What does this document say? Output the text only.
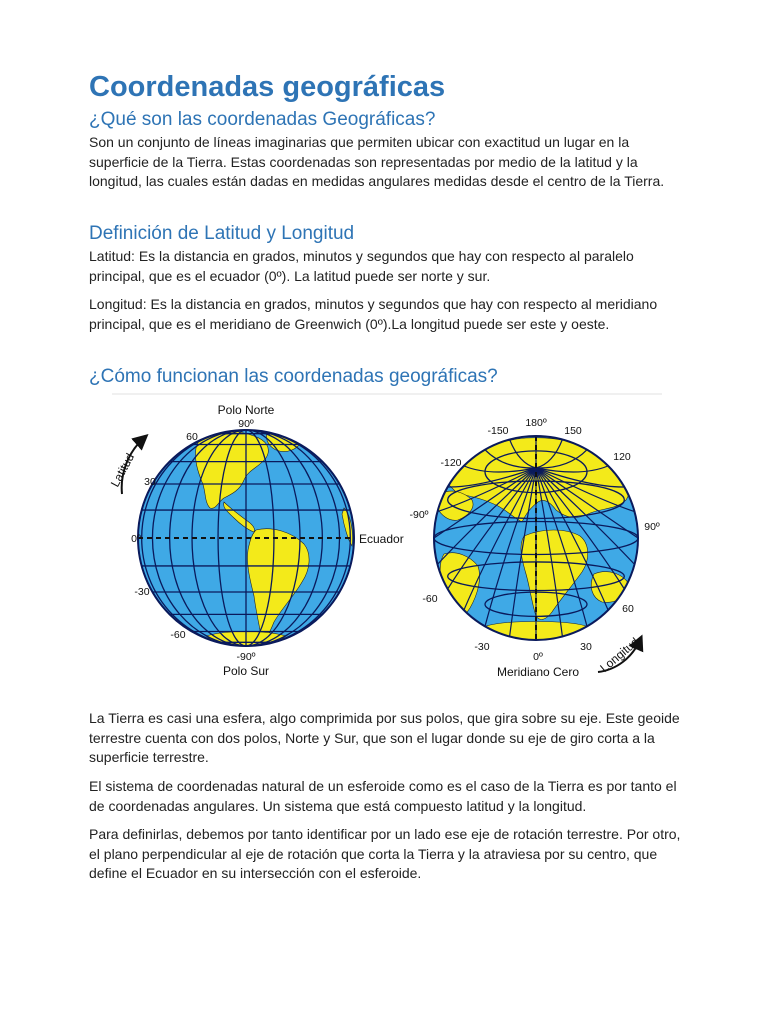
Coordenadas geográficas
¿Qué son las coordenadas Geográficas?

Son un conjunto de líneas imaginarias que permiten ubicar con exactitud un lugar en la superficie de la Tierra. Estas coordenadas son representadas por medio de la latitud y la longitud, las cuales están dadas en medidas angulares medidas desde el centro de la Tierra.

Definición de Latitud y Longitud

Latitud: Es la distancia en grados, minutos y segundos que hay con respecto al paralelo principal, que es el ecuador (0º). La latitud puede ser norte y sur.

Longitud: Es la distancia en grados, minutos y segundos que hay con respecto al meridiano principal, que es el meridiano de Greenwich (0º).La longitud puede ser este y oeste.

¿Cómo funcionan las coordenadas geográficas?
Polo Norte
90º
60
30
0º
-30
-60
-90º
Polo Sur
Ecuador
Latitud
180º
-150	150
-120	120
-90º
90º
-60
60
-30	30
0º
Meridiano Cero Longitud

La Tierra es casi una esfera, algo comprimida por sus polos, que gira sobre su eje. Este geoide terrestre cuenta con dos polos, Norte y Sur, que son el lugar donde su eje de giro corta a la superficie terrestre.

El sistema de coordenadas natural de un esferoide como es el caso de la Tierra es por tanto el de coordenadas angulares. Un sistema que está compuesto latitud y la longitud.

Para definirlas, debemos por tanto identificar por un lado ese eje de rotación terrestre. Por otro, el plano perpendicular al eje de rotación que corta la Tierra y la atraviesa por su centro, que define el Ecuador en su intersección con el esferoide.
